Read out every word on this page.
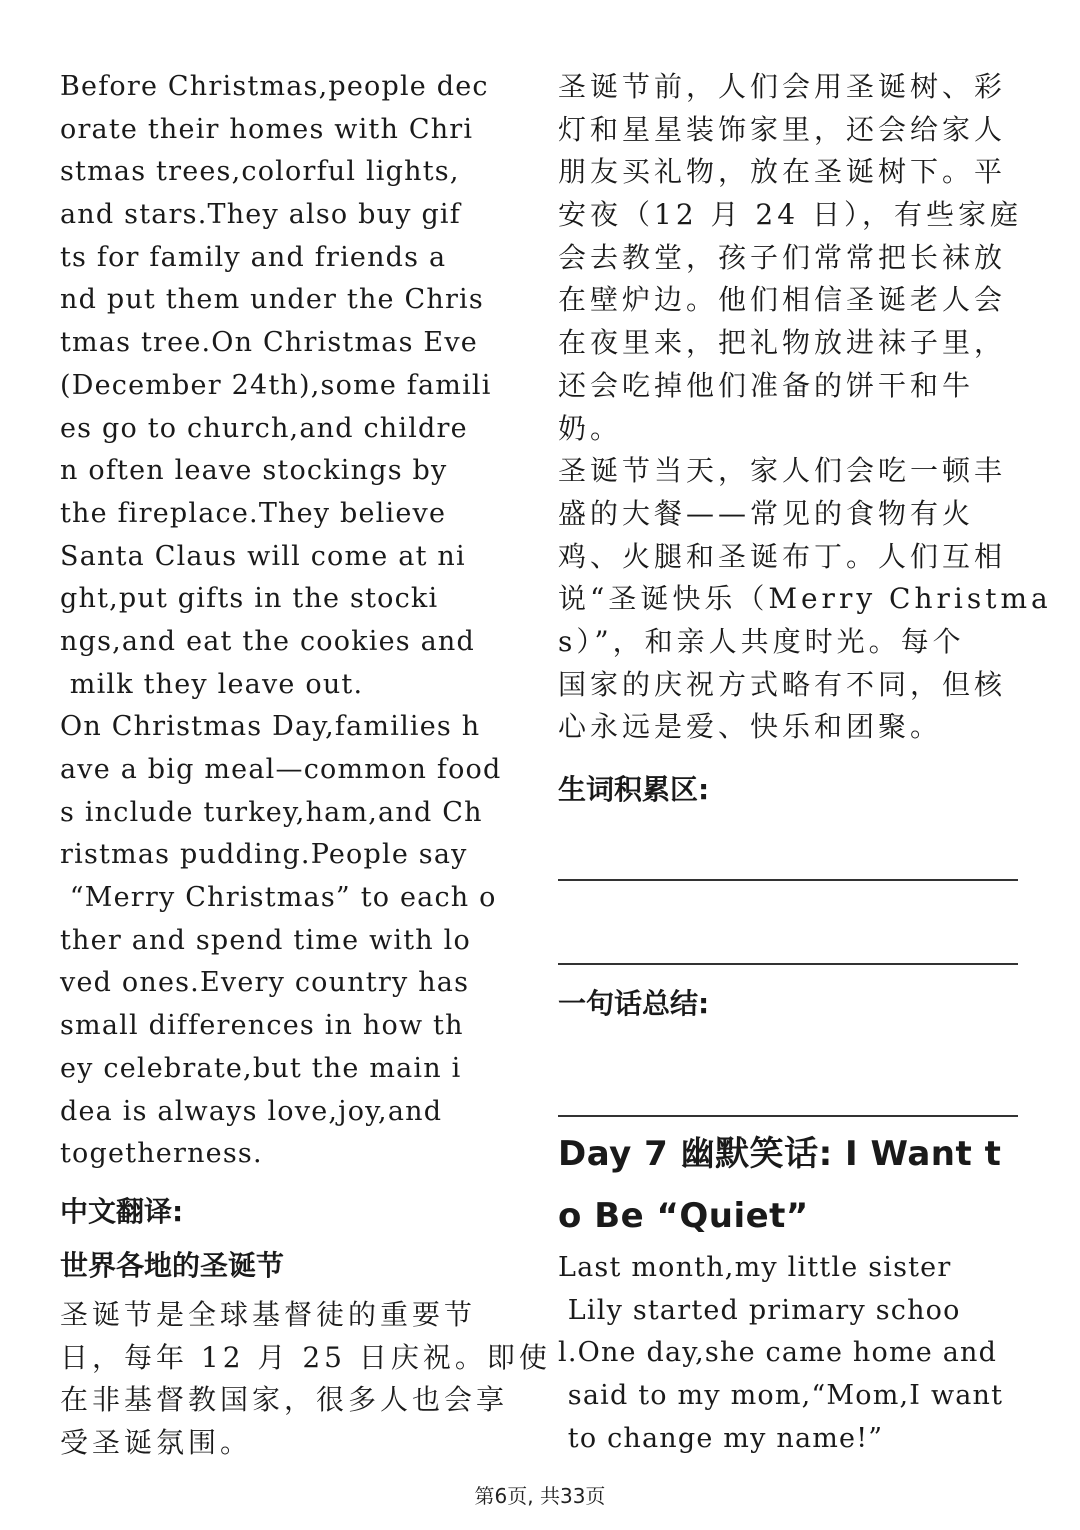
Before Christmas,people dec
orate their homes with Chri
stmas trees,colorful lights,
and stars.They also buy gif
ts for family and friends a
nd put them under the Chris
tmas tree.On Christmas Eve
(December 24th),some famili
es go to church,and childre
n often leave stockings by
the fireplace.They believe
Santa Claus will come at ni
ght,put gifts in the stocki
ngs,and eat the cookies and
milk they leave out.
On Christmas Day,families h
ave a big meal—common food
s include turkey,ham,and Ch
ristmas pudding.People say
“Merry Christmas” to each o
ther and spend time with lo
ved ones.Every country has
small differences in how th
ey celebrate,but the main i
dea is always love,joy,and
togetherness.
中文翻译:
世界各地的圣诞节
圣诞节是全球基督徒的重要节
日，每年 12 月 25 日庆祝。即使
在非基督教国家，很多人也会享
受圣诞氛围。
圣诞节前，人们会用圣诞树、彩
灯和星星装饰家里，还会给家人
朋友买礼物，放在圣诞树下。平
安夜（12 月 24 日），有些家庭
会去教堂，孩子们常常把长袜放
在壁炉边。他们相信圣诞老人会
在夜里来，把礼物放进袜子里，
还会吃掉他们准备的饼干和牛
奶。
圣诞节当天，家人们会吃一顿丰
盛的大餐——常见的食物有火
鸡、火腿和圣诞布丁。人们互相
说“圣诞快乐（Merry Christma
s）”，和亲人共度时光。每个
国家的庆祝方式略有不同，但核
心永远是爱、快乐和团聚。
生词积累区:
一句话总结:
Day 7 幽默笑话: I Want t
o Be “Quiet”
Last month,my little sister
Lily started primary schoo
l.One day,she came home and
said to my mom,“Mom,I want
to change my name!”
第6页, 共33页
